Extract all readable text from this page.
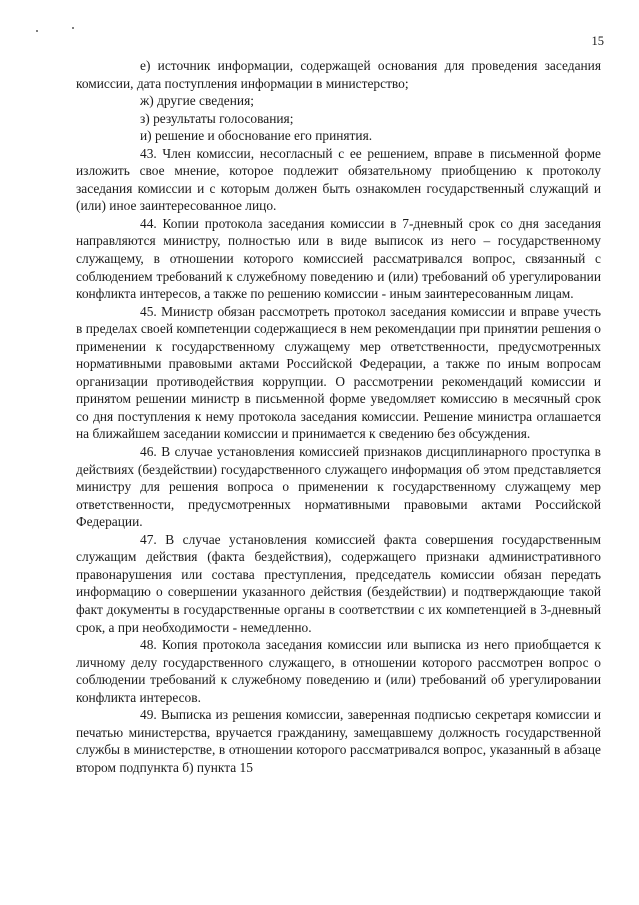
15

е) источник информации, содержащей основания для проведения заседания комиссии, дата поступления информации в министерство;

ж) другие сведения;

з) результаты голосования;

и) решение и обоснование его принятия.

43. Член комиссии, несогласный с ее решением, вправе в письменной форме изложить свое мнение, которое подлежит обязательному приобщению к протоколу заседания комиссии и с которым должен быть ознакомлен государственный служащий и (или) иное заинтересованное лицо.

44. Копии протокола заседания комиссии в 7-дневный срок со дня заседания направляются министру, полностью или в виде выписок из него – государственному служащему, в отношении которого комиссией рассматривался вопрос, связанный с соблюдением требований к служебному поведению и (или) требований об урегулировании конфликта интересов, а также по решению комиссии - иным заинтересованным лицам.

45. Министр обязан рассмотреть протокол заседания комиссии и вправе учесть в пределах своей компетенции содержащиеся в нем рекомендации при принятии решения о применении к государственному служащему мер ответственности, предусмотренных нормативными правовыми актами Российской Федерации, а также по иным вопросам организации противодействия коррупции. О рассмотрении рекомендаций комиссии и принятом решении министр в письменной форме уведомляет комиссию в месячный срок со дня поступления к нему протокола заседания комиссии. Решение министра оглашается на ближайшем заседании комиссии и принимается к сведению без обсуждения.

46. В случае установления комиссией признаков дисциплинарного проступка в действиях (бездействии) государственного служащего информация об этом представляется министру для решения вопроса о применении к государственному служащему мер ответственности, предусмотренных нормативными правовыми актами Российской Федерации.

47. В случае установления комиссией факта совершения государственным служащим действия (факта бездействия), содержащего признаки административного правонарушения или состава преступления, председатель комиссии обязан передать информацию о совершении указанного действия (бездействии) и подтверждающие такой факт документы в государственные органы в соответствии с их компетенцией в 3-дневный срок, а при необходимости - немедленно.

48. Копия протокола заседания комиссии или выписка из него приобщается к личному делу государственного служащего, в отношении которого рассмотрен вопрос о соблюдении требований к служебному поведению и (или) требований об урегулировании конфликта интересов.

49. Выписка из решения комиссии, заверенная подписью секретаря комиссии и печатью министерства, вручается гражданину, замещавшему должность государственной службы в министерстве, в отношении которого рассматривался вопрос, указанный в абзаце втором подпункта б) пункта 15
